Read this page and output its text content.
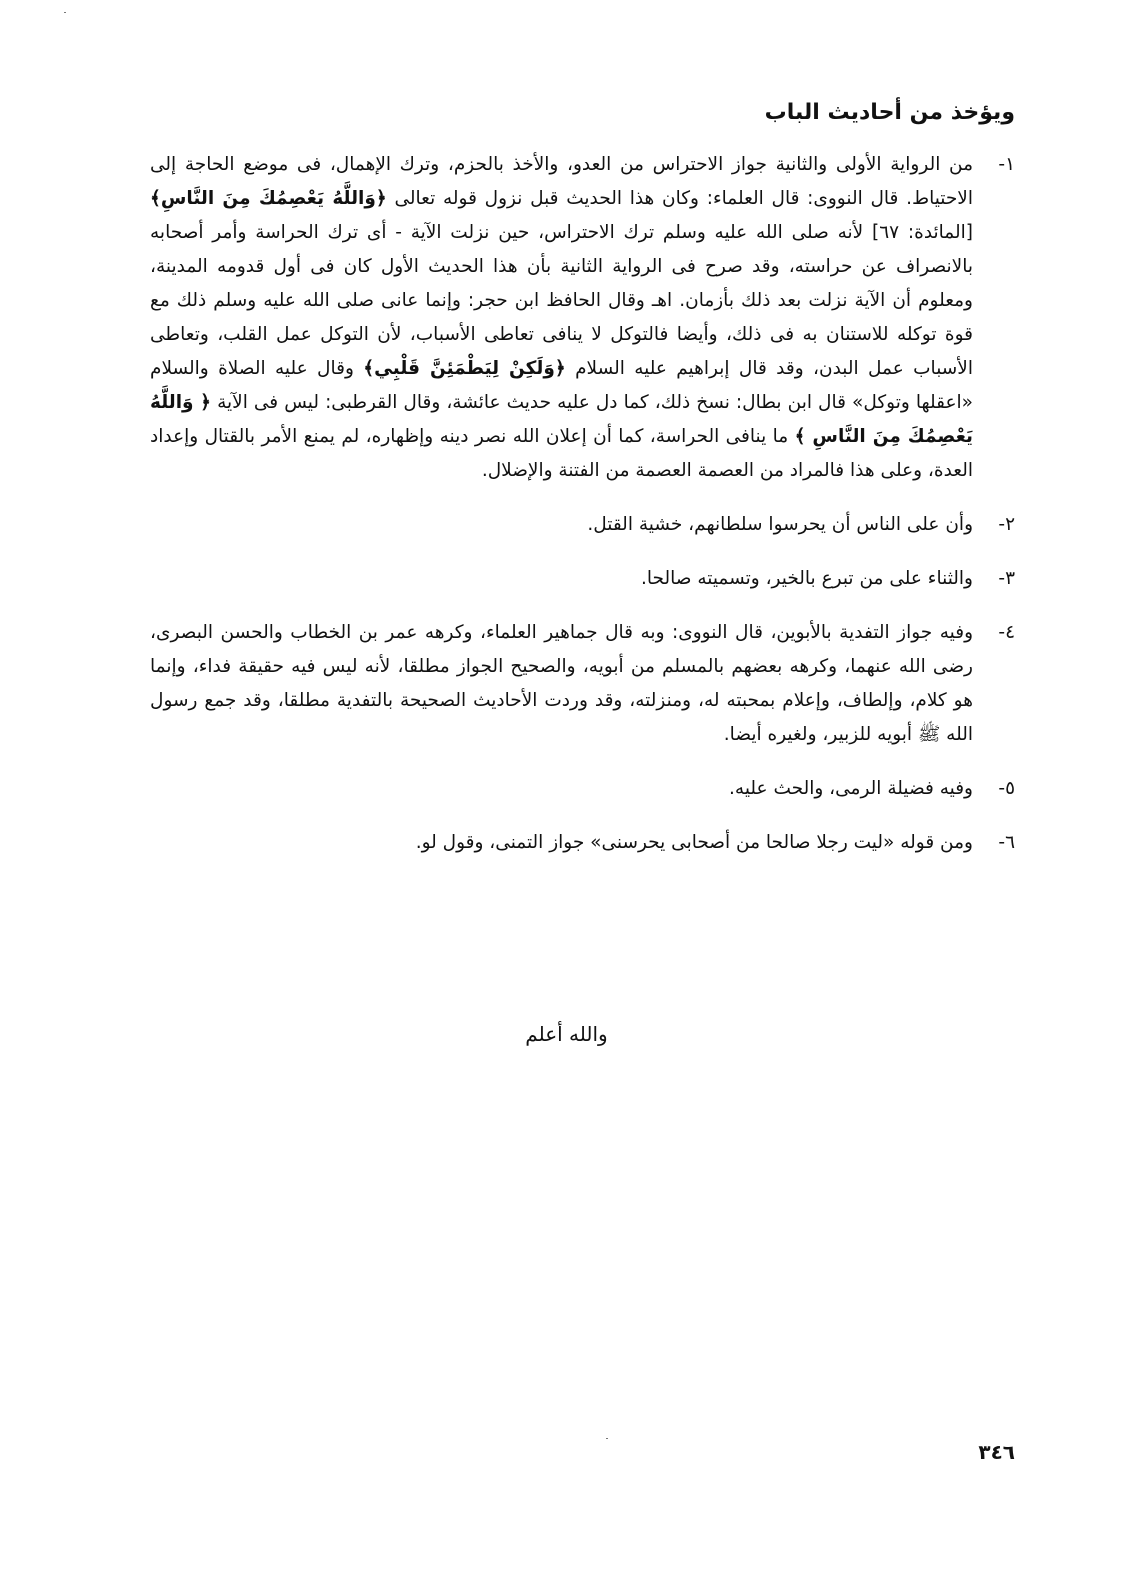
ويؤخذ من أحاديث الباب
١-

من الرواية الأولى والثانية جواز الاحتراس من العدو، والأخذ بالحزم، وترك الإهمال، فى موضع الحاجة إلى الاحتياط. قال النووى: قال العلماء: وكان هذا الحديث قبل نزول قوله تعالى ﴿وَاللَّهُ يَعْصِمُكَ مِنَ النَّاسِ﴾[المائدة: ٦٧] لأنه صلى الله عليه وسلم ترك الاحتراس، حين نزلت الآية - أى ترك الحراسة وأمر أصحابه بالانصراف عن حراسته، وقد صرح فى الرواية الثانية بأن هذا الحديث الأول كان فى أول قدومه المدينة، ومعلوم أن الآية نزلت بعد ذلك بأزمان. اهـ وقال الحافظ ابن حجر: وإنما عانى صلى الله عليه وسلم ذلك مع قوة توكله للاستنان به فى ذلك، وأيضا فالتوكل لا ينافى تعاطى الأسباب، لأن التوكل عمل القلب، وتعاطى الأسباب عمل البدن، وقد قال إبراهيم عليه السلام ﴿وَلَكِنْ لِيَطْمَئِنَّ قَلْبِي﴾ وقال عليه الصلاة والسلام «اعقلها وتوكل» قال ابن بطال: نسخ ذلك، كما دل عليه حديث عائشة، وقال القرطبى: ليس فى الآية ﴿ وَاللَّهُ يَعْصِمُكَ مِنَ النَّاسِ ﴾ ما ينافى الحراسة، كما أن إعلان الله نصر دينه وإظهاره، لم يمنع الأمر بالقتال وإعداد العدة، وعلى هذا فالمراد من العصمة العصمة من الفتنة والإضلال.

٢-

وأن على الناس أن يحرسوا سلطانهم، خشية القتل.

٣-

والثناء على من تبرع بالخير، وتسميته صالحا.

٤-

وفيه جواز التفدية بالأبوين، قال النووى: وبه قال جماهير العلماء، وكرهه عمر بن الخطاب والحسن البصرى، رضى الله عنهما، وكرهه بعضهم بالمسلم من أبويه، والصحيح الجواز مطلقا، لأنه ليس فيه حقيقة فداء، وإنما هو كلام، وإلطاف، وإعلام بمحبته له، ومنزلته، وقد وردت الأحاديث الصحيحة بالتفدية مطلقا، وقد جمع رسول الله ﷺ أبويه للزبير، ولغيره أيضا.

٥-

وفيه فضيلة الرمى، والحث عليه.

٦-

ومن قوله «ليت رجلا صالحا من أصحابى يحرسنى» جواز التمنى، وقول لو.

والله أعلم
٣٤٦
